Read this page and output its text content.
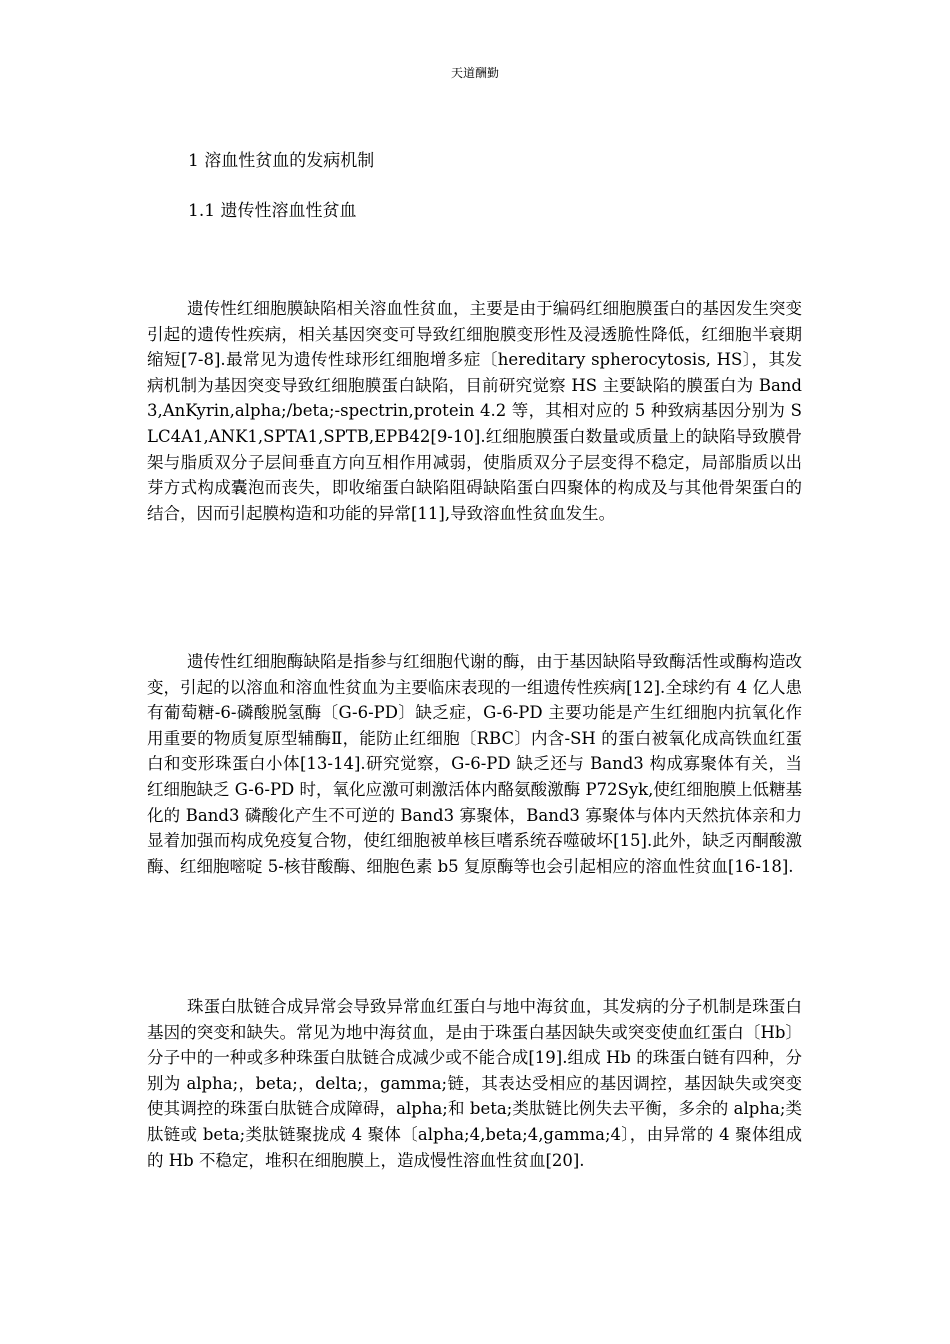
天道酬勤
1 溶血性贫血的发病机制
1.1 遗传性溶血性贫血

遗传性红细胞膜缺陷相关溶血性贫血，主要是由于编码红细胞膜蛋白的基因发生突变引起的遗传性疾病，相关基因突变可导致红细胞膜变形性及浸透脆性降低，红细胞半衰期缩短[7-8].最常见为遗传性球形红细胞增多症〔hereditary spherocytosis, HS〕，其发病机制为基因突变导致红细胞膜蛋白缺陷，目前研究觉察 HS 主要缺陷的膜蛋白为 Band3,AnKyrin,alpha;/beta;-spectrin,protein 4.2 等，其相对应的 5 种致病基因分别为 SLC4A1,ANK1,SPTA1,SPTB,EPB42[9-10].红细胞膜蛋白数量或质量上的缺陷导致膜骨架与脂质双分子层间垂直方向互相作用减弱，使脂质双分子层变得不稳定，局部脂质以出芽方式构成囊泡而丧失，即收缩蛋白缺陷阻碍缺陷蛋白四聚体的构成及与其他骨架蛋白的结合，因而引起膜构造和功能的异常[11],导致溶血性贫血发生。

遗传性红细胞酶缺陷是指参与红细胞代谢的酶，由于基因缺陷导致酶活性或酶构造改变，引起的以溶血和溶血性贫血为主要临床表现的一组遗传性疾病[12].全球约有 4 亿人患有葡萄糖-6-磷酸脱氢酶〔G-6-PD〕缺乏症，G-6-PD 主要功能是产生红细胞内抗氧化作用重要的物质复原型辅酶Ⅱ，能防止红细胞〔RBC〕内含-SH 的蛋白被氧化成高铁血红蛋白和变形珠蛋白小体[13-14].研究觉察，G-6-PD 缺乏还与 Band3 构成寡聚体有关，当红细胞缺乏 G-6-PD 时，氧化应激可刺激活体内酪氨酸激酶 P72Syk,使红细胞膜上低糖基化的 Band3 磷酸化产生不可逆的 Band3 寡聚体，Band3 寡聚体与体内天然抗体亲和力显着加强而构成免疫复合物，使红细胞被单核巨嗜系统吞噬破坏[15].此外，缺乏丙酮酸激酶、红细胞嘧啶 5-核苷酸酶、细胞色素 b5 复原酶等也会引起相应的溶血性贫血[16-18].

珠蛋白肽链合成异常会导致异常血红蛋白与地中海贫血，其发病的分子机制是珠蛋白基因的突变和缺失。常见为地中海贫血，是由于珠蛋白基因缺失或突变使血红蛋白〔Hb〕分子中的一种或多种珠蛋白肽链合成减少或不能合成[19].组成 Hb 的珠蛋白链有四种，分别为 alpha;，beta;，delta;，gamma;链，其表达受相应的基因调控，基因缺失或突变使其调控的珠蛋白肽链合成障碍，alpha;和 beta;类肽链比例失去平衡，多余的 alpha;类肽链或 beta;类肽链聚拢成 4 聚体〔alpha;4,beta;4,gamma;4〕，由异常的 4 聚体组成的 Hb 不稳定，堆积在细胞膜上，造成慢性溶血性贫血[20].
